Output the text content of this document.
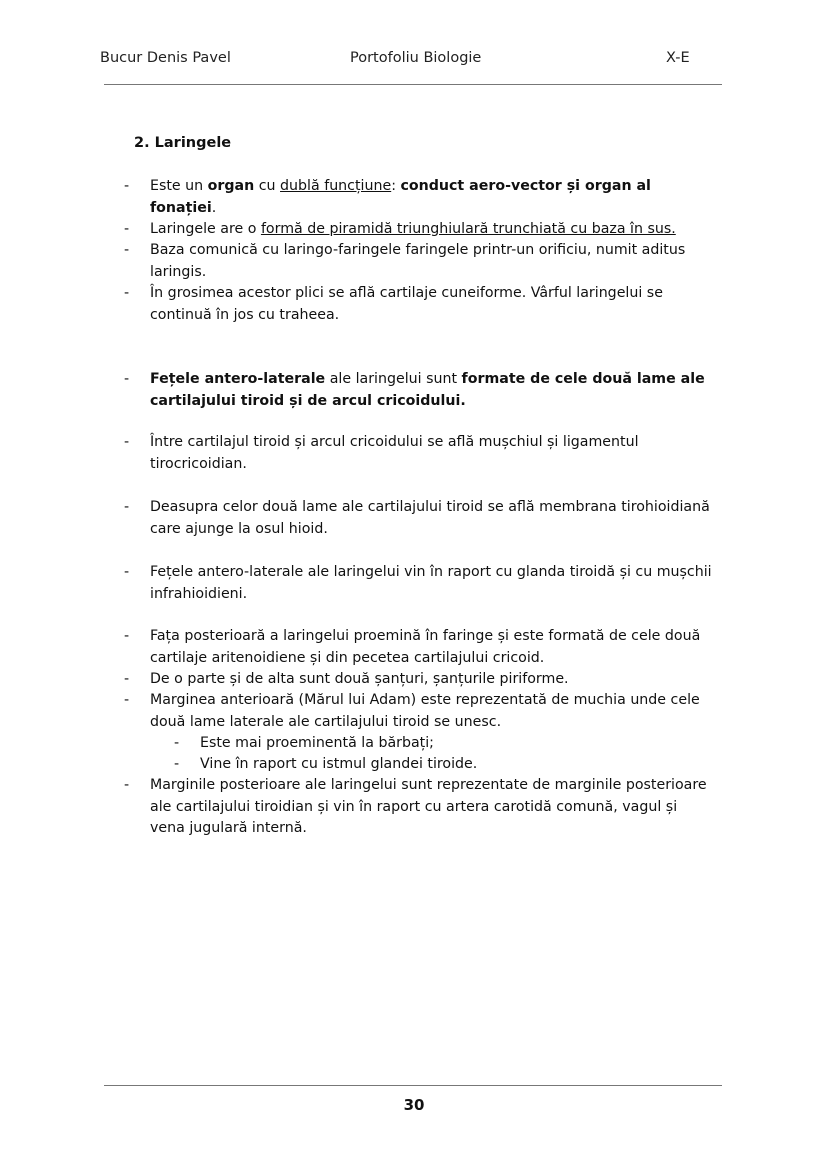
Bucur Denis Pavel	Portofoliu Biologie	X-E
2. Laringele
- Este un organ cu dublă funcțiune: conduct aero-vector și organ al fonației.
- Laringele are o formă de piramidă triunghiulară trunchiată cu baza în sus.
- Baza comunică cu laringo-faringele faringele printr-un orificiu, numit aditus laringis.
- În grosimea acestor plici se află cartilaje cuneiforme. Vârful laringelui se continuă în jos cu traheea.
- Fețele antero-laterale ale laringelui sunt formate de cele două lame ale cartilajului tiroid și de arcul cricoidului.
- Între cartilajul tiroid și arcul cricoidului se află mușchiul și ligamentul tirocricoidian.
- Deasupra celor două lame ale cartilajului tiroid se află membrana tirohioidiană care ajunge la osul hioid.
- Fețele antero-laterale ale laringelui vin în raport cu glanda tiroidă și cu mușchii infrahioidieni.
- Fața posterioară a laringelui proemină în faringe și este formată de cele două cartilaje aritenoidiene și din pecetea cartilajului cricoid.
- De o parte și de alta sunt două șanțuri, șanțurile piriforme.
- Marginea anterioară (Mărul lui Adam) este reprezentată de muchia unde cele două lame laterale ale cartilajului tiroid se unesc.
- Este mai proeminentă la bărbați;
- Vine în raport cu istmul glandei tiroide.
- Marginile posterioare ale laringelui sunt reprezentate de marginile posterioare ale cartilajului tiroidian și vin în raport cu artera carotidă comună, vagul și vena jugulară internă.
30
